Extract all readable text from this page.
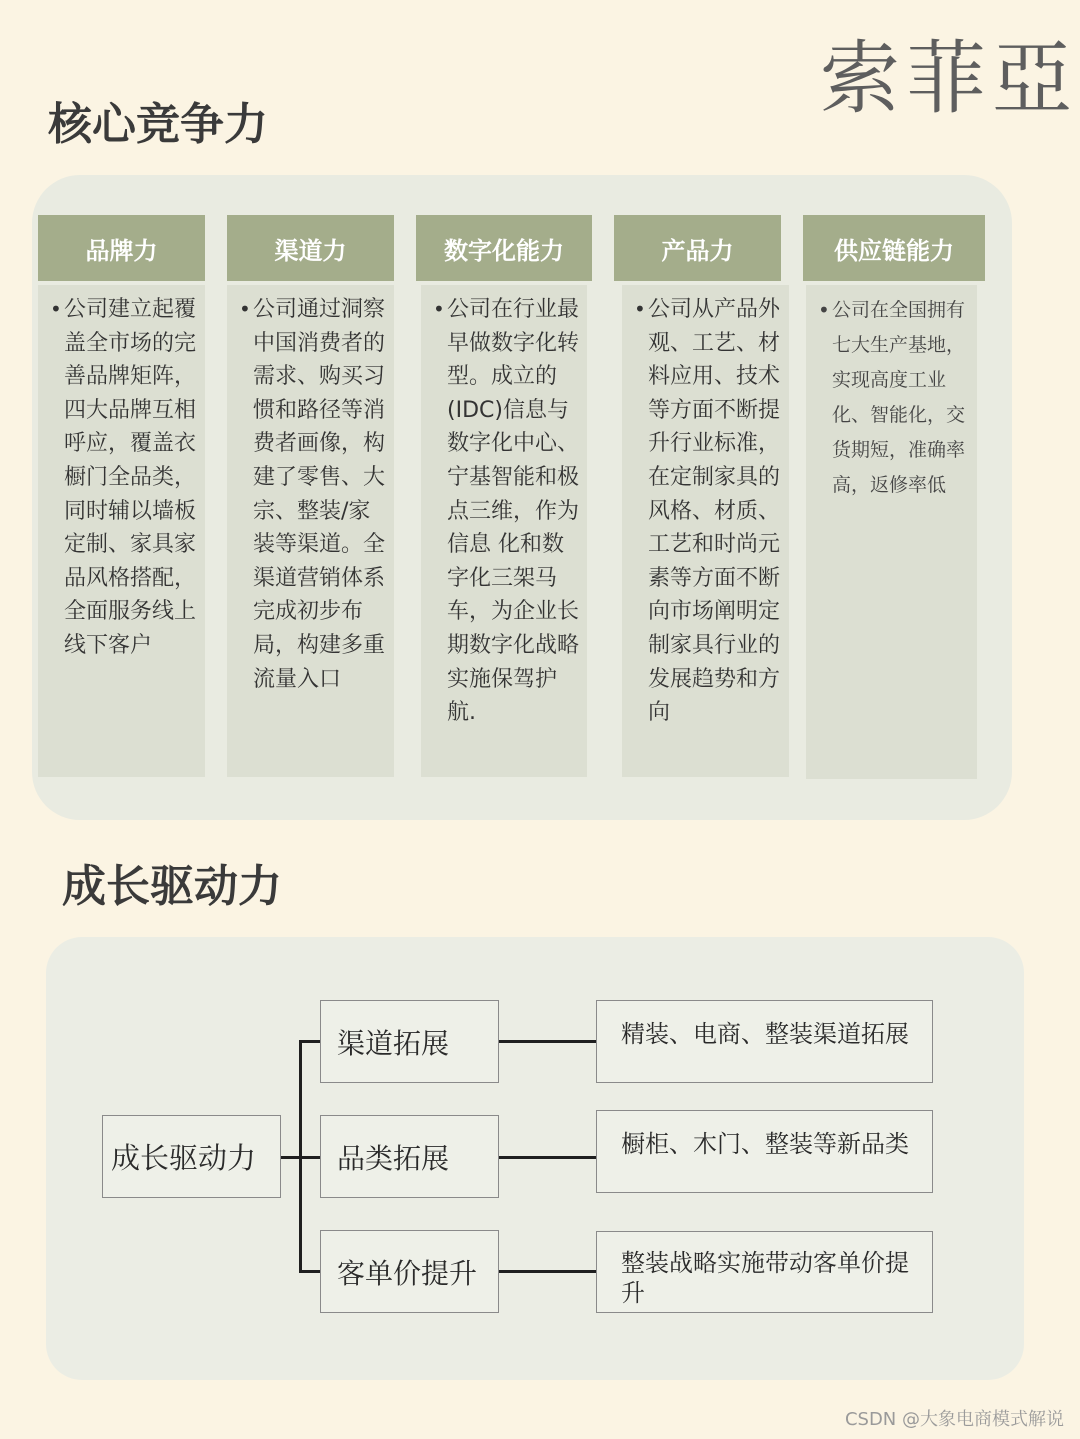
索菲亞
核心竞争力
品牌力
• 公司建立起覆盖全市场的完善品牌矩阵，四大品牌互相呼应，覆盖衣橱门全品类，同时辅以墙板定制、家具家品风格搭配，全面服务线上线下客户
渠道力
• 公司通过洞察中国消费者的需求、购买习惯和路径等消费者画像，构建了零售、大宗、整装/家装等渠道。全渠道营销体系完成初步布局，构建多重流量入口
数字化能力
• 公司在行业最早做数字化转型。成立的(IDC)信息与数字化中心、宁基智能和极点三维，作为信息 化和数字化三架马车，为企业长期数字化战略实施保驾护航.
产品力
• 公司从产品外观、工艺、材料应用、技术等方面不断提升行业标准， 在定制家具的风格、材质、工艺和时尚元素等方面不断向市场阐明定制家具行业的发展趋势和方向
供应链能力
• 公司在全国拥有七大生产基地，实现高度工业化、智能化，交货期短，准确率高，返修率低
成长驱动力
成长驱动力
渠道拓展
品类拓展
客单价提升
精装、电商、整装渠道拓展
橱柜、木门、整装等新品类
整装战略实施带动客单价提升
CSDN @大象电商模式解说
